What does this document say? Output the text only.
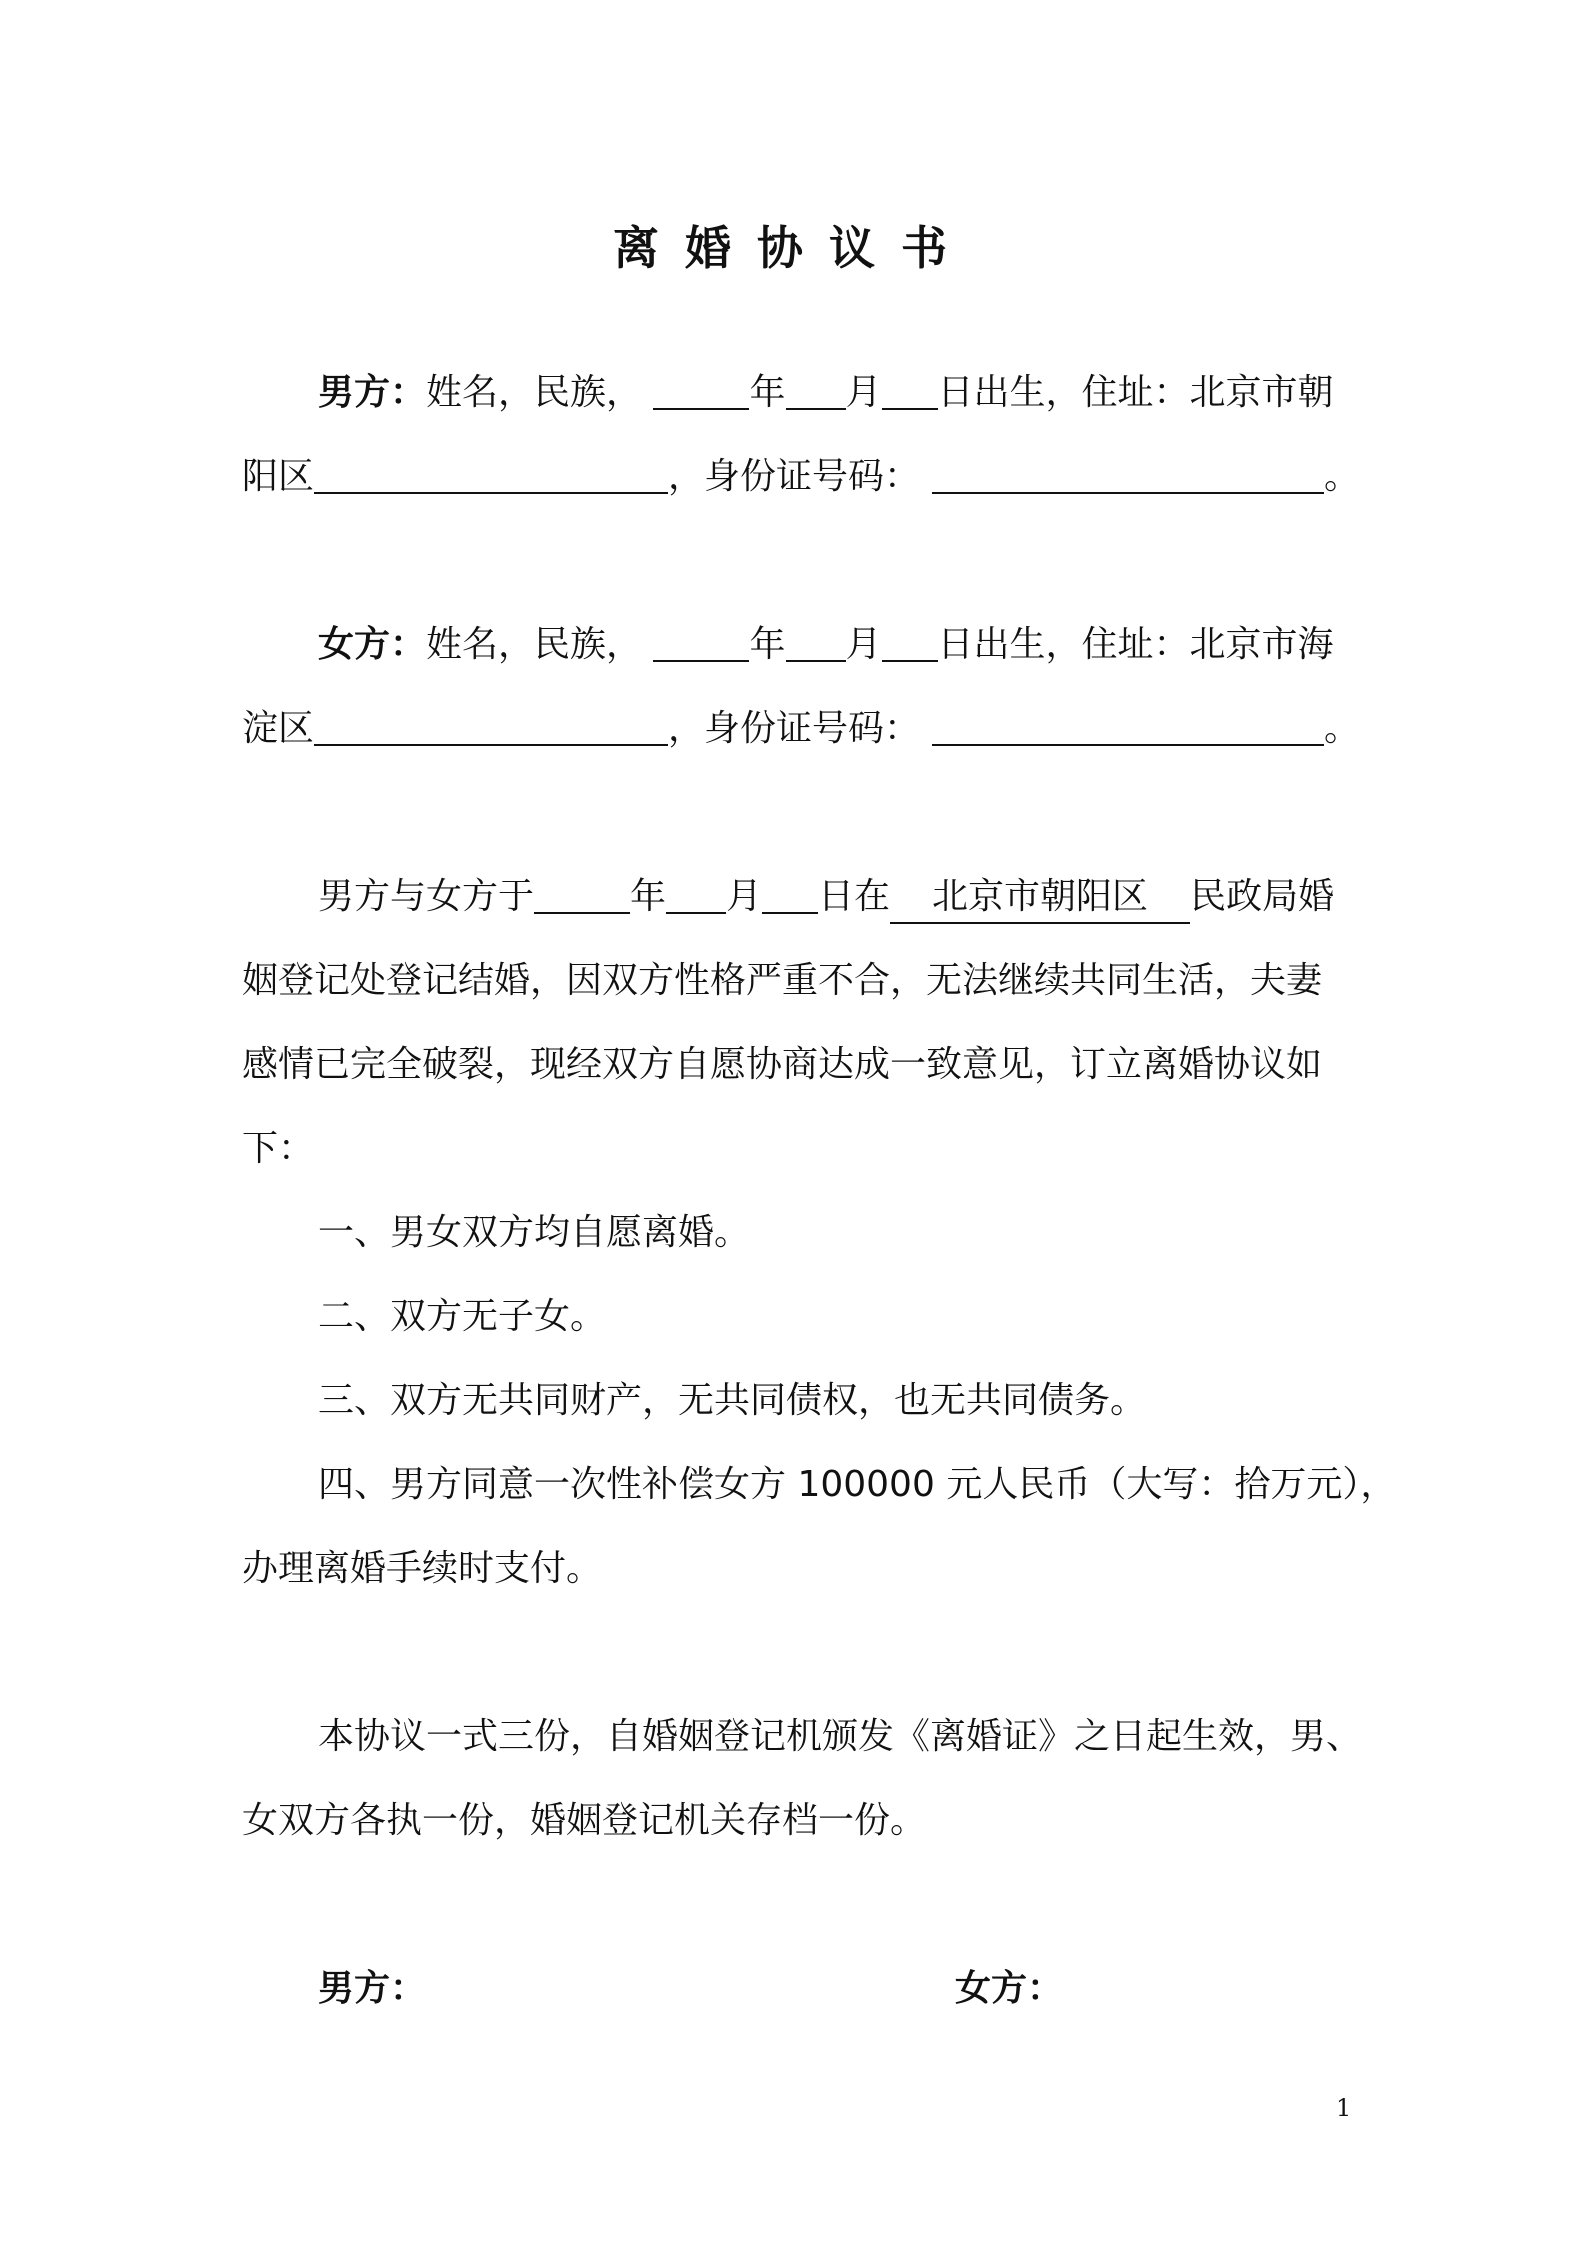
离婚协议书
男方：姓名，民族，	年 月 日出生，住址：北京市朝
阳区	，身份证号码：	。
女方：姓名，民族，	年 月 日出生，住址：北京市海
淀区	，身份证号码：	。
男方与女方于	年 月 日在 北京市朝阳区 民政局婚
姻登记处登记结婚，因双方性格严重不合，无法继续共同生活，夫妻
感情已完全破裂，现经双方自愿协商达成一致意见，订立离婚协议如
下：
一、男女双方均自愿离婚。
二、双方无子女。
三、双方无共同财产，无共同债权，也无共同债务。
四、男方同意一次性补偿女方 100000 元人民币（大写：拾万元），
办理离婚手续时支付。
本协议一式三份，自婚姻登记机颁发《离婚证》之日起生效，男、
女双方各执一份，婚姻登记机关存档一份。
男方：	女方：
1
